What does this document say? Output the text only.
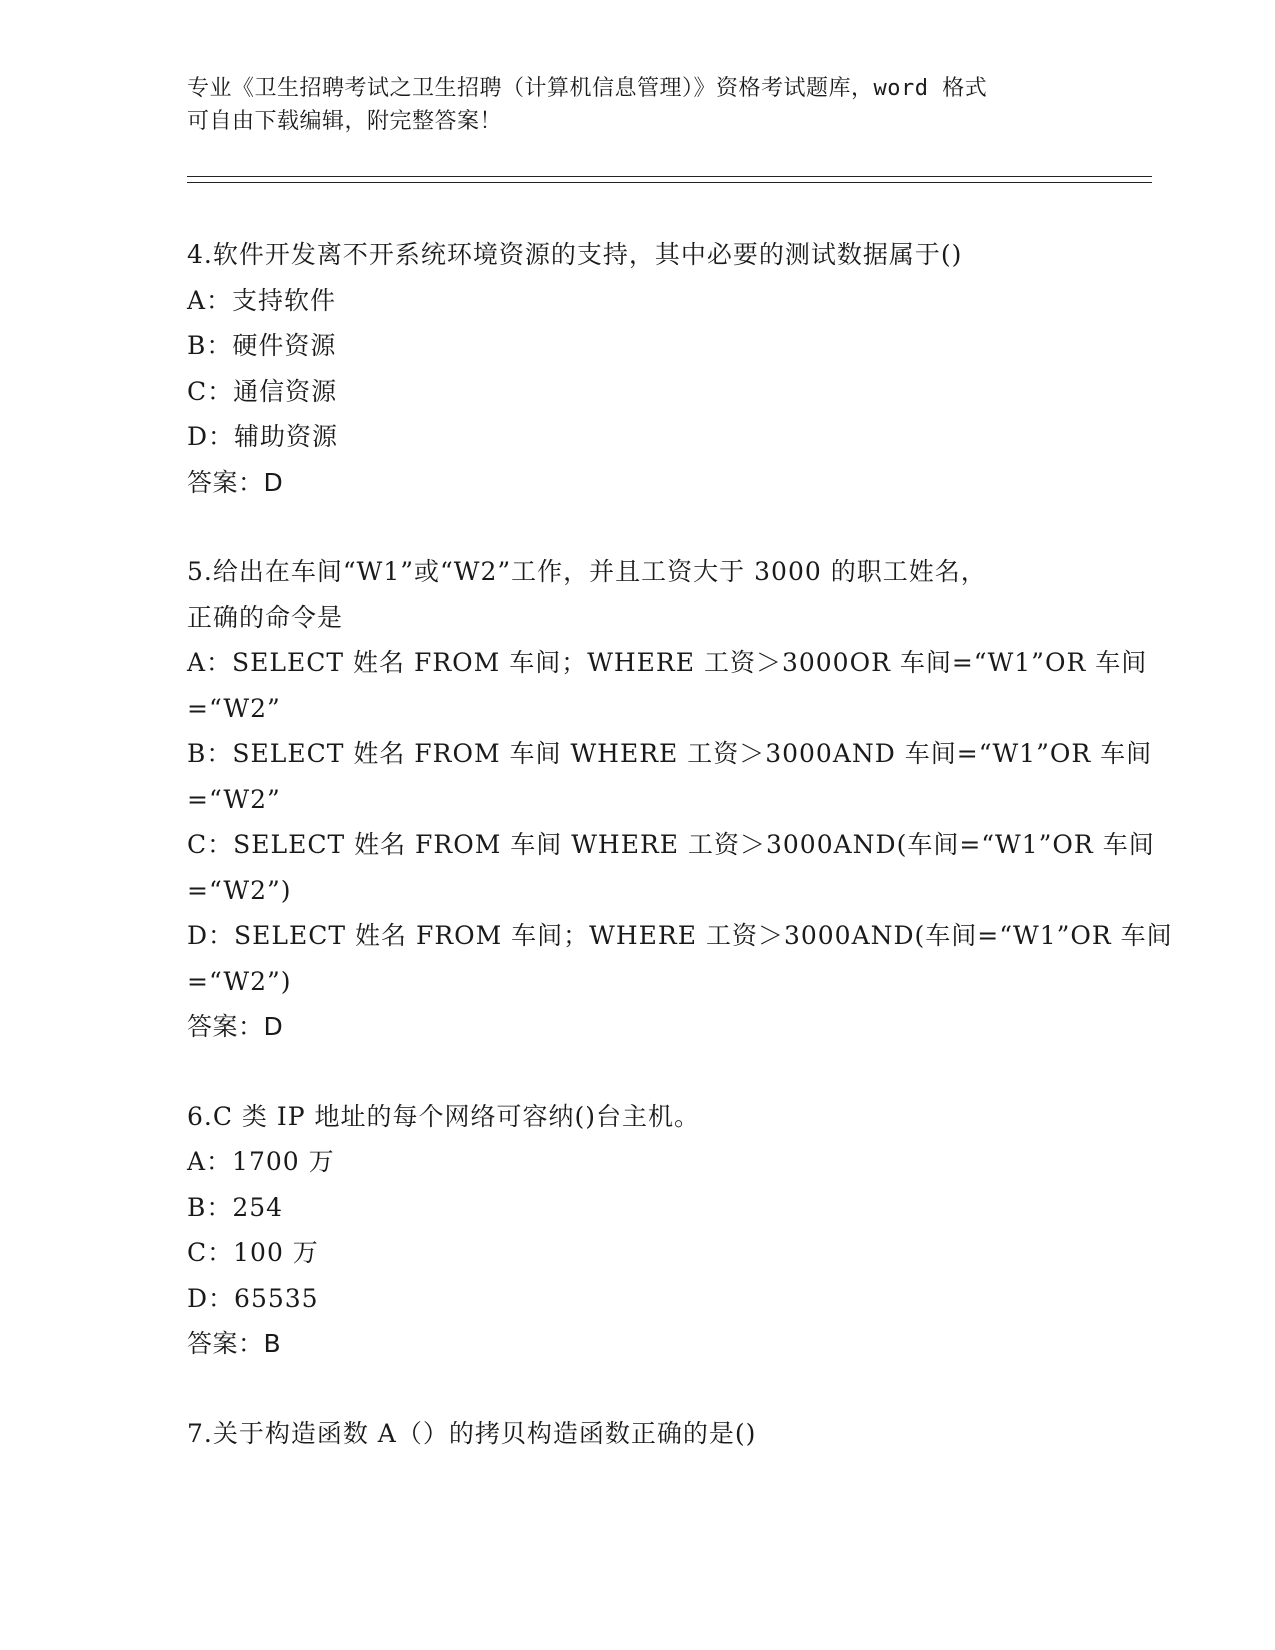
专业《卫生招聘考试之卫生招聘（计算机信息管理）》资格考试题库，word 格式
可自由下载编辑，附完整答案！
4.软件开发离不开系统环境资源的支持，其中必要的测试数据属于()
A：支持软件
B：硬件资源
C：通信资源
D：辅助资源
答案：D
5.给出在车间“W1”或“W2”工作，并且工资大于 3000 的职工姓名，
正确的命令是
A：SELECT 姓名 FROM 车间；WHERE 工资＞3000OR 车间=“W1”OR 车间
=“W2”
B：SELECT 姓名 FROM 车间 WHERE 工资＞3000AND 车间=“W1”OR 车间
=“W2”
C：SELECT 姓名 FROM 车间 WHERE 工资＞3000AND(车间=“W1”OR 车间
=“W2”)
D：SELECT 姓名 FROM 车间；WHERE 工资＞3000AND(车间=“W1”OR 车间
=“W2”)
答案：D
6.C 类 IP 地址的每个网络可容纳()台主机。
A：1700 万
B：254
C：100 万
D：65535
答案：B
7.关于构造函数 A（）的拷贝构造函数正确的是()
